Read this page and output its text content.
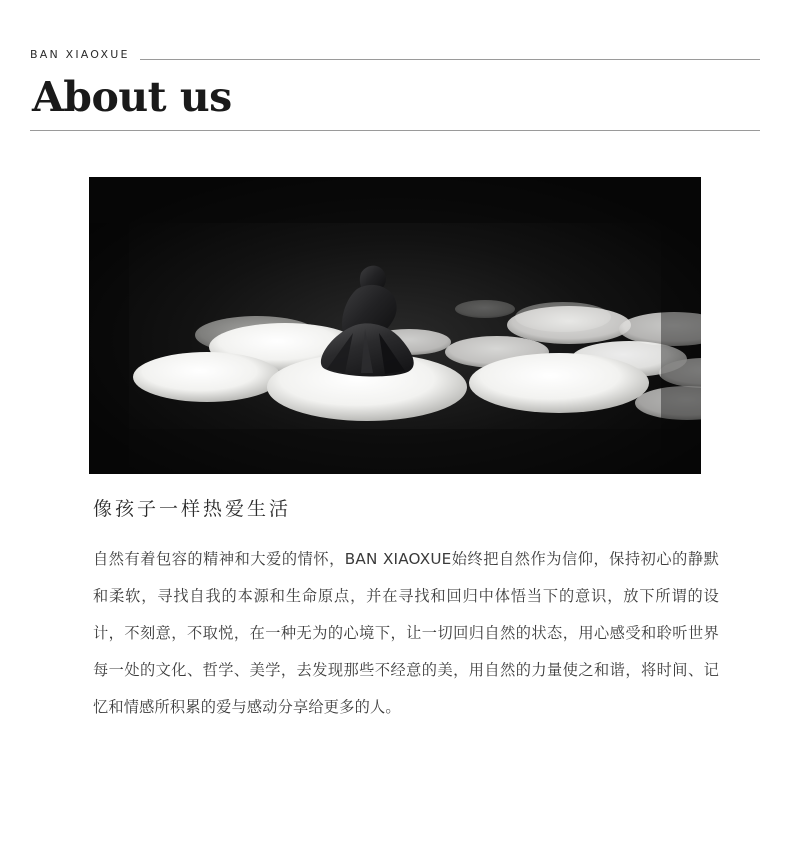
BAN XIAOXUE
About us
像孩子一样热爱生活

自然有着包容的精神和大爱的情怀，BAN XIAOXUE始终把自然作为信仰，保持初心的静默和柔软，寻找自我的本源和生命原点，并在寻找和回归中体悟当下的意识，放下所谓的设计，不刻意，不取悦，在一种无为的心境下，让一切回归自然的状态，用心感受和聆听世界每一处的文化、哲学、美学，去发现那些不经意的美，用自然的力量使之和谐，将时间、记忆和情感所积累的爱与感动分享给更多的人。
